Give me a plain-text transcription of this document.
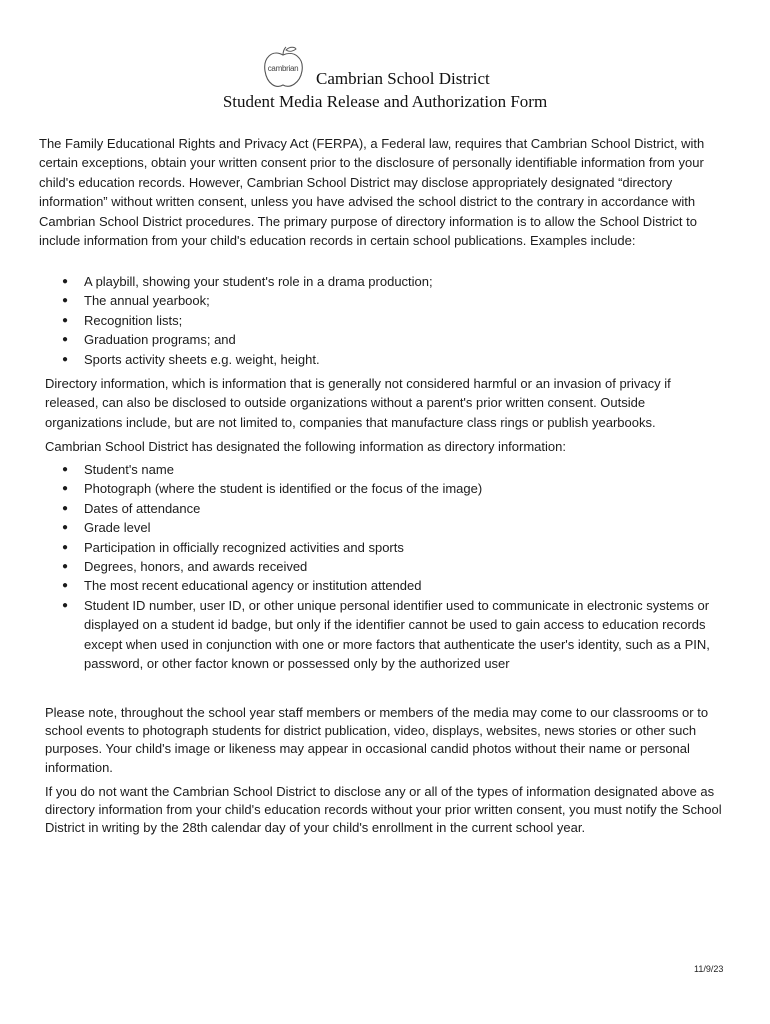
cambrian
Cambrian School District
Student Media Release and Authorization Form

The Family Educational Rights and Privacy Act (FERPA), a Federal law, requires that Cambrian School District, with certain exceptions, obtain your written consent prior to the disclosure of personally identifiable information from your child's education records. However, Cambrian School District may disclose appropriately designated “directory information” without written consent, unless you have advised the school district to the contrary in accordance with Cambrian School District procedures. The primary purpose of directory information is to allow the School District to include information from your child's education records in certain school publications. Examples include:

● A playbill, showing your student's role in a drama production;
● The annual yearbook;
● Recognition lists;
● Graduation programs; and
● Sports activity sheets e.g. weight, height.

Directory information, which is information that is generally not considered harmful or an invasion of privacy if released, can also be disclosed to outside organizations without a parent's prior written consent. Outside organizations include, but are not limited to, companies that manufacture class rings or publish yearbooks.

Cambrian School District has designated the following information as directory information:

● Student's name
● Photograph (where the student is identified or the focus of the image)
● Dates of attendance
● Grade level
● Participation in officially recognized activities and sports
● Degrees, honors, and awards received
● The most recent educational agency or institution attended
● Student ID number, user ID, or other unique personal identifier used to communicate in electronic systems or displayed on a student id badge, but only if the identifier cannot be used to gain access to education records except when used in conjunction with one or more factors that authenticate the user's identity, such as a PIN, password, or other factor known or possessed only by the authorized user

Please note, throughout the school year staff members or members of the media may come to our classrooms or to school events to photograph students for district publication, video, displays, websites, news stories or other such purposes. Your child's image or likeness may appear in occasional candid photos without their name or personal information.

If you do not want the Cambrian School District to disclose any or all of the types of information designated above as directory information from your child's education records without your prior written consent, you must notify the School District in writing by the 28th calendar day of your child's enrollment in the current school year.

11/9/23
